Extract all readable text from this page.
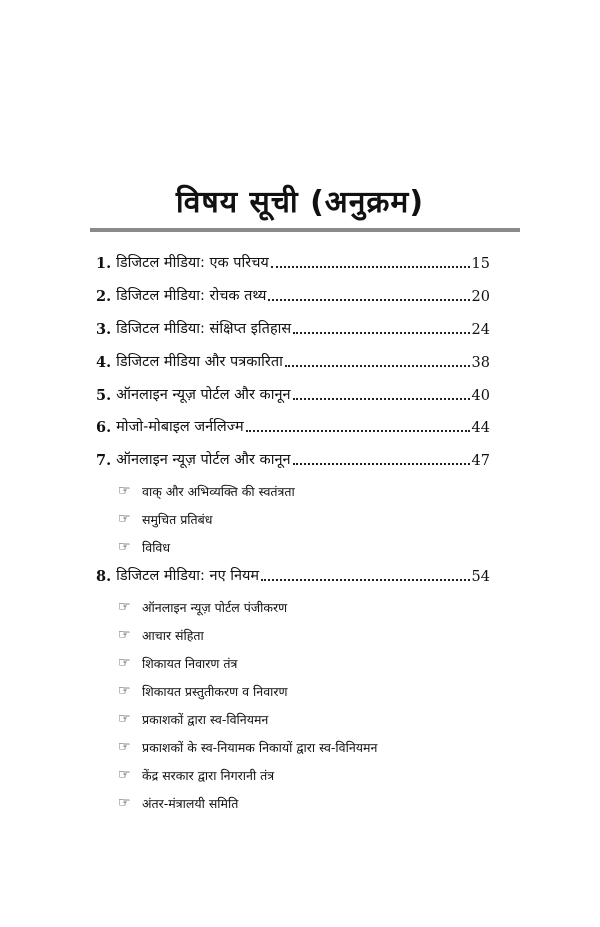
विषय सूची (अनुक्रम)
1. डिजिटल मीडिया: एक परिचय	15
2. डिजिटल मीडिया: रोचक तथ्य	20
3. डिजिटल मीडिया: संक्षिप्त इतिहास	24
4. डिजिटल मीडिया और पत्रकारिता	38
5. ऑनलाइन न्यूज़ पोर्टल और कानून	40
6. मोजो-मोबाइल जर्नलिज्म	44
7. ऑनलाइन न्यूज़ पोर्टल और कानून	47
☞ वाक् और अभिव्यक्ति की स्वतंत्रता
☞ समुचित प्रतिबंध
☞ विविध
8. डिजिटल मीडिया: नए नियम	54
☞ ऑनलाइन न्यूज़ पोर्टल पंजीकरण
☞ आचार संहिता
☞ शिकायत निवारण तंत्र
☞ शिकायत प्रस्तुतीकरण व निवारण
☞ प्रकाशकों द्वारा स्व-विनियमन
☞ प्रकाशकों के स्व-नियामक निकायों द्वारा स्व-विनियमन
☞ केंद्र सरकार द्वारा निगरानी तंत्र
☞ अंतर-मंत्रालयी समिति
